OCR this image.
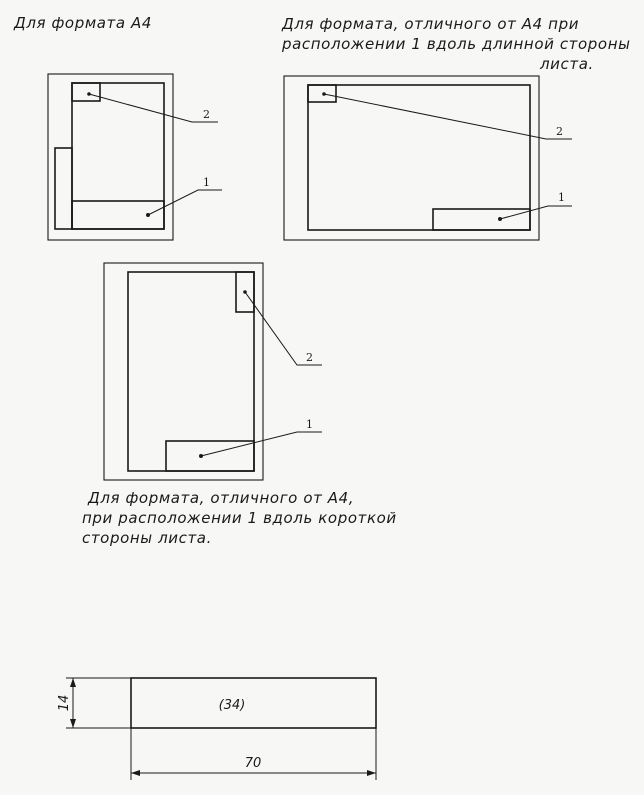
Для формата А4	Для формата, отличного от А4 при
расположении 1 вдоль длинной стороны
листа.
Для формата, отличного от А4,
при расположении 1 вдоль короткой
стороны листа.
1
2
1
2
1
2
(34)
14
70
